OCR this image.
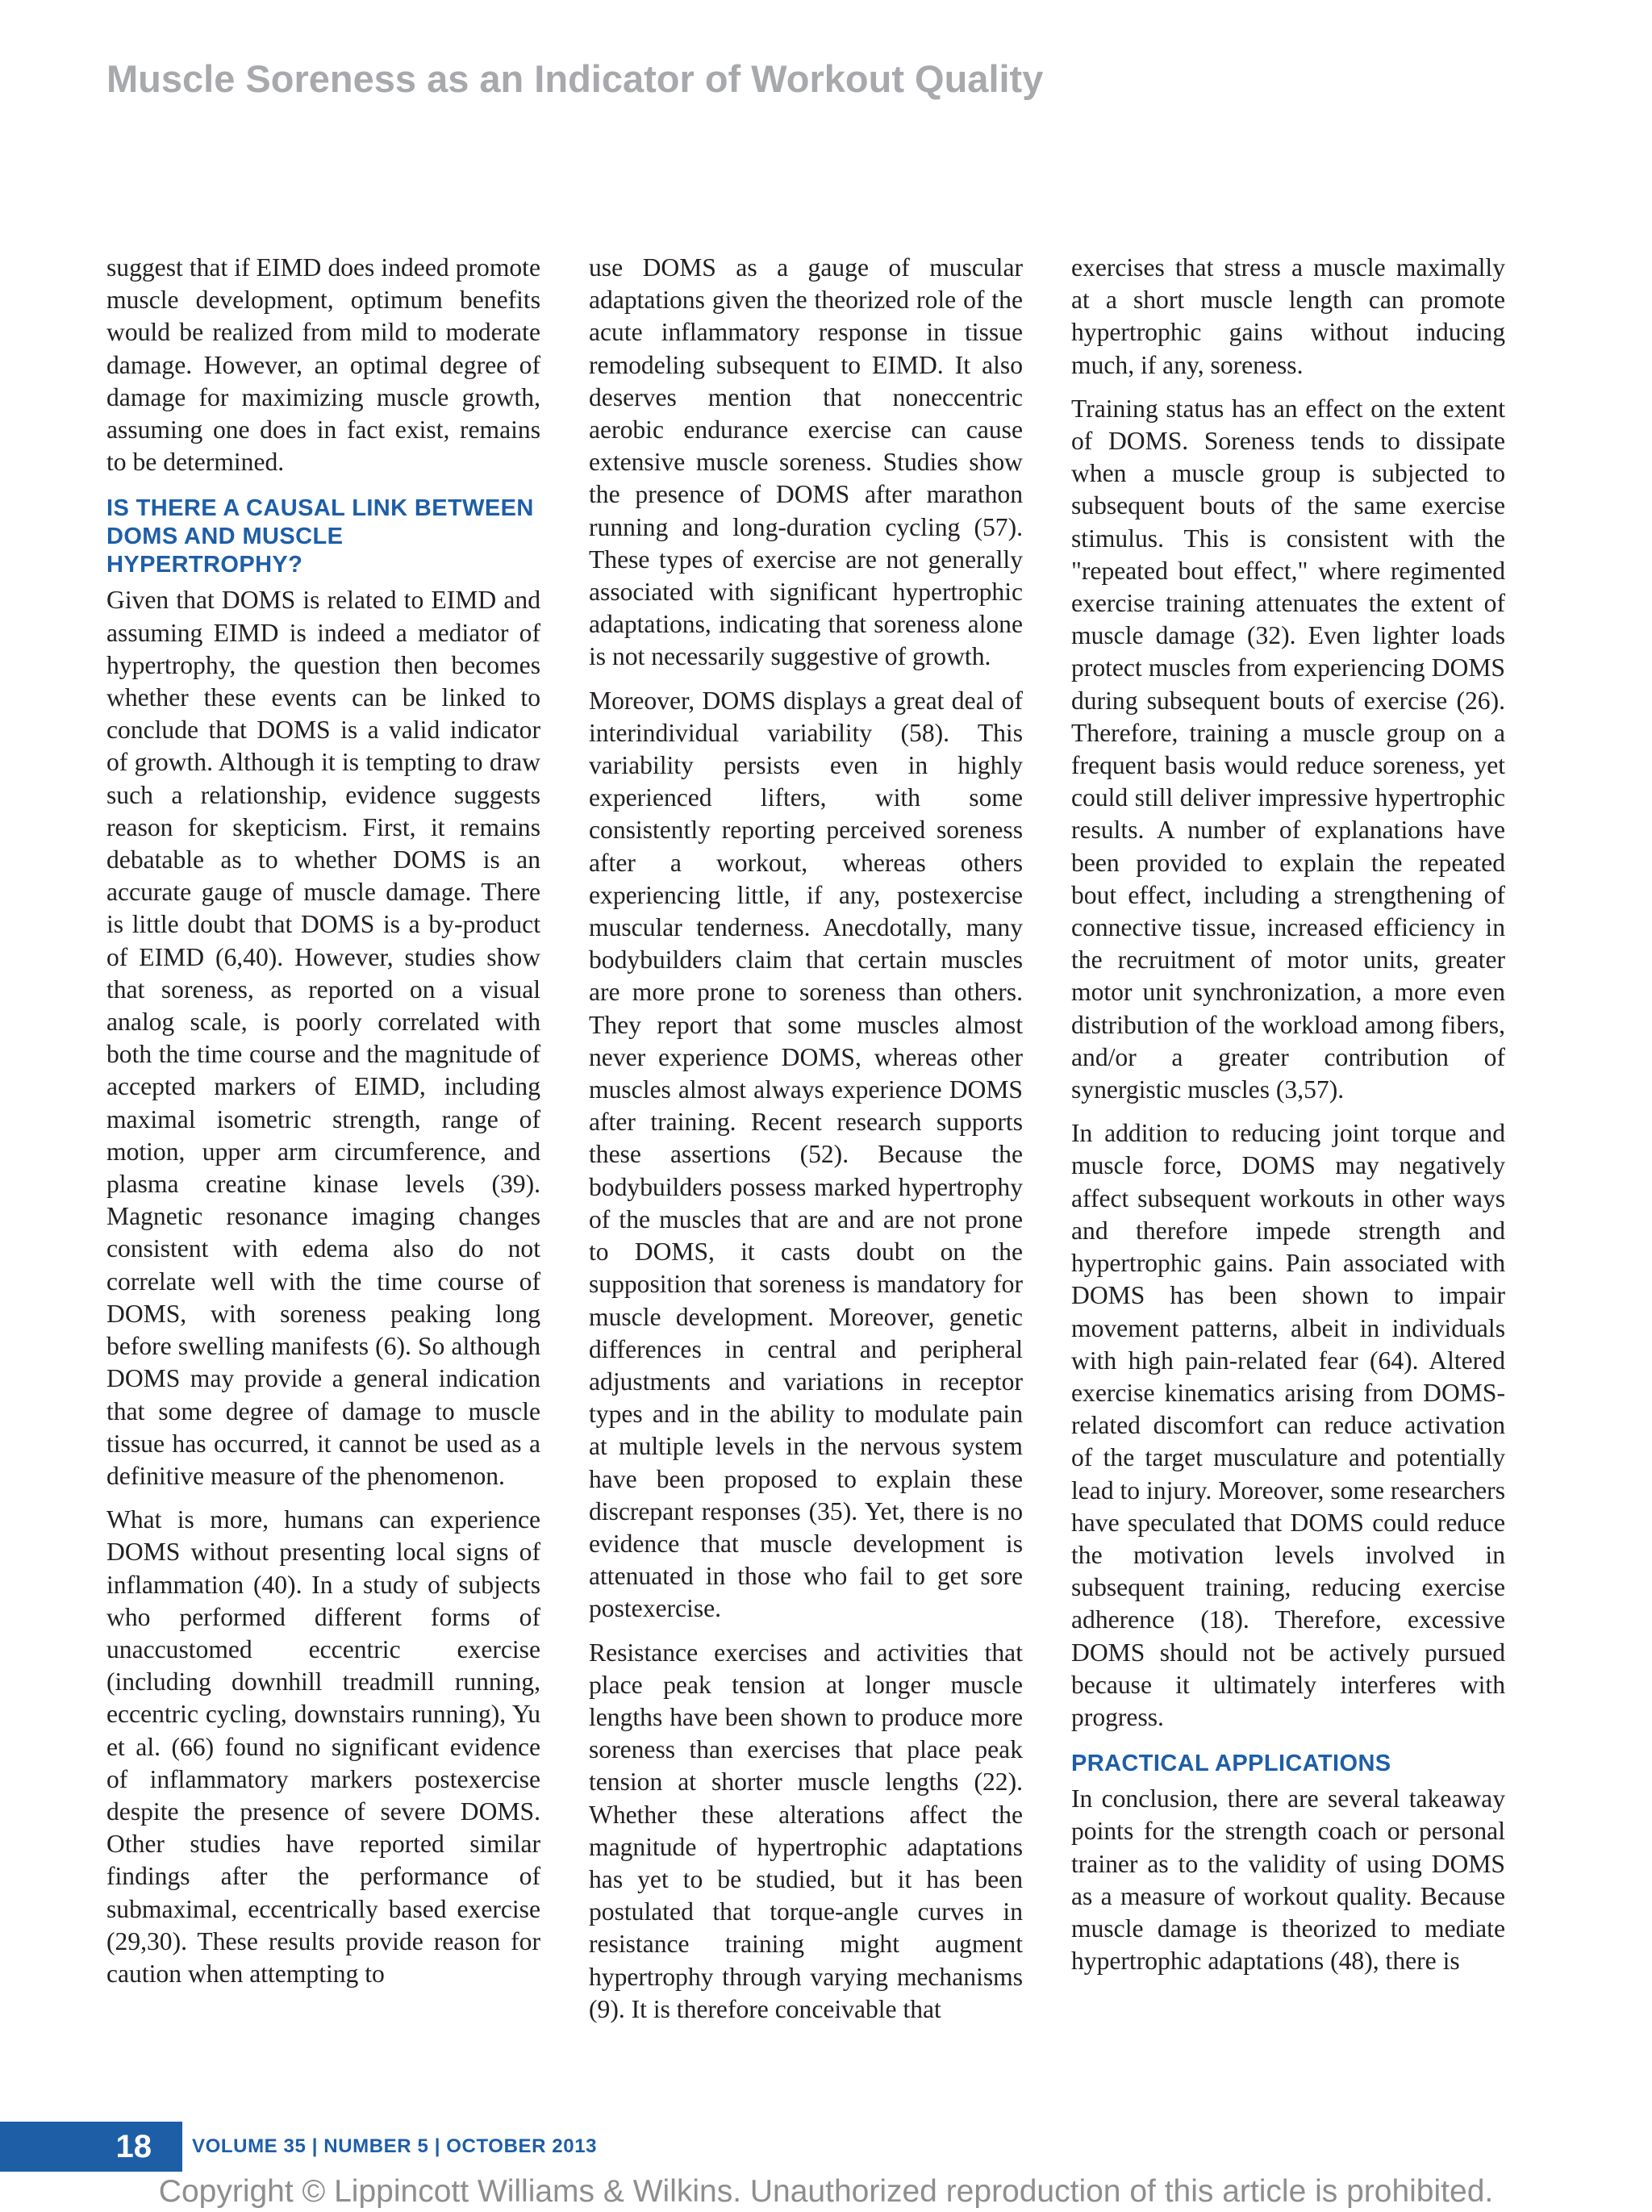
Muscle Soreness as an Indicator of Workout Quality

suggest that if EIMD does indeed promote muscle development, optimum benefits would be realized from mild to moderate damage. However, an optimal degree of damage for maximizing muscle growth, assuming one does in fact exist, remains to be determined.

IS THERE A CAUSAL LINK BETWEEN DOMS AND MUSCLE HYPERTROPHY?

Given that DOMS is related to EIMD and assuming EIMD is indeed a mediator of hypertrophy, the question then becomes whether these events can be linked to conclude that DOMS is a valid indicator of growth. Although it is tempting to draw such a relationship, evidence suggests reason for skepticism. First, it remains debatable as to whether DOMS is an accurate gauge of muscle damage. There is little doubt that DOMS is a by-product of EIMD (6,40). However, studies show that soreness, as reported on a visual analog scale, is poorly correlated with both the time course and the magnitude of accepted markers of EIMD, including maximal isometric strength, range of motion, upper arm circumference, and plasma creatine kinase levels (39). Magnetic resonance imaging changes consistent with edema also do not correlate well with the time course of DOMS, with soreness peaking long before swelling manifests (6). So although DOMS may provide a general indication that some degree of damage to muscle tissue has occurred, it cannot be used as a definitive measure of the phenomenon.

What is more, humans can experience DOMS without presenting local signs of inflammation (40). In a study of subjects who performed different forms of unaccustomed eccentric exercise (including downhill treadmill running, eccentric cycling, downstairs running), Yu et al. (66) found no significant evidence of inflammatory markers postexercise despite the presence of severe DOMS. Other studies have reported similar findings after the performance of submaximal, eccentrically based exercise (29,30). These results provide reason for caution when attempting to

use DOMS as a gauge of muscular adaptations given the theorized role of the acute inflammatory response in tissue remodeling subsequent to EIMD. It also deserves mention that noneccentric aerobic endurance exercise can cause extensive muscle soreness. Studies show the presence of DOMS after marathon running and long-duration cycling (57). These types of exercise are not generally associated with significant hypertrophic adaptations, indicating that soreness alone is not necessarily suggestive of growth.

Moreover, DOMS displays a great deal of interindividual variability (58). This variability persists even in highly experienced lifters, with some consistently reporting perceived soreness after a workout, whereas others experiencing little, if any, postexercise muscular tenderness. Anecdotally, many bodybuilders claim that certain muscles are more prone to soreness than others. They report that some muscles almost never experience DOMS, whereas other muscles almost always experience DOMS after training. Recent research supports these assertions (52). Because the bodybuilders possess marked hypertrophy of the muscles that are and are not prone to DOMS, it casts doubt on the supposition that soreness is mandatory for muscle development. Moreover, genetic differences in central and peripheral adjustments and variations in receptor types and in the ability to modulate pain at multiple levels in the nervous system have been proposed to explain these discrepant responses (35). Yet, there is no evidence that muscle development is attenuated in those who fail to get sore postexercise.

Resistance exercises and activities that place peak tension at longer muscle lengths have been shown to produce more soreness than exercises that place peak tension at shorter muscle lengths (22). Whether these alterations affect the magnitude of hypertrophic adaptations has yet to be studied, but it has been postulated that torque-angle curves in resistance training might augment hypertrophy through varying mechanisms (9). It is therefore conceivable that

exercises that stress a muscle maximally at a short muscle length can promote hypertrophic gains without inducing much, if any, soreness.

Training status has an effect on the extent of DOMS. Soreness tends to dissipate when a muscle group is subjected to subsequent bouts of the same exercise stimulus. This is consistent with the "repeated bout effect," where regimented exercise training attenuates the extent of muscle damage (32). Even lighter loads protect muscles from experiencing DOMS during subsequent bouts of exercise (26). Therefore, training a muscle group on a frequent basis would reduce soreness, yet could still deliver impressive hypertrophic results. A number of explanations have been provided to explain the repeated bout effect, including a strengthening of connective tissue, increased efficiency in the recruitment of motor units, greater motor unit synchronization, a more even distribution of the workload among fibers, and/or a greater contribution of synergistic muscles (3,57).

In addition to reducing joint torque and muscle force, DOMS may negatively affect subsequent workouts in other ways and therefore impede strength and hypertrophic gains. Pain associated with DOMS has been shown to impair movement patterns, albeit in individuals with high pain-related fear (64). Altered exercise kinematics arising from DOMS-related discomfort can reduce activation of the target musculature and potentially lead to injury. Moreover, some researchers have speculated that DOMS could reduce the motivation levels involved in subsequent training, reducing exercise adherence (18). Therefore, excessive DOMS should not be actively pursued because it ultimately interferes with progress.

PRACTICAL APPLICATIONS

In conclusion, there are several takeaway points for the strength coach or personal trainer as to the validity of using DOMS as a measure of workout quality. Because muscle damage is theorized to mediate hypertrophic adaptations (48), there is

18	VOLUME 35 | NUMBER 5 | OCTOBER 2013
Copyright © Lippincott Williams & Wilkins. Unauthorized reproduction of this article is prohibited.
